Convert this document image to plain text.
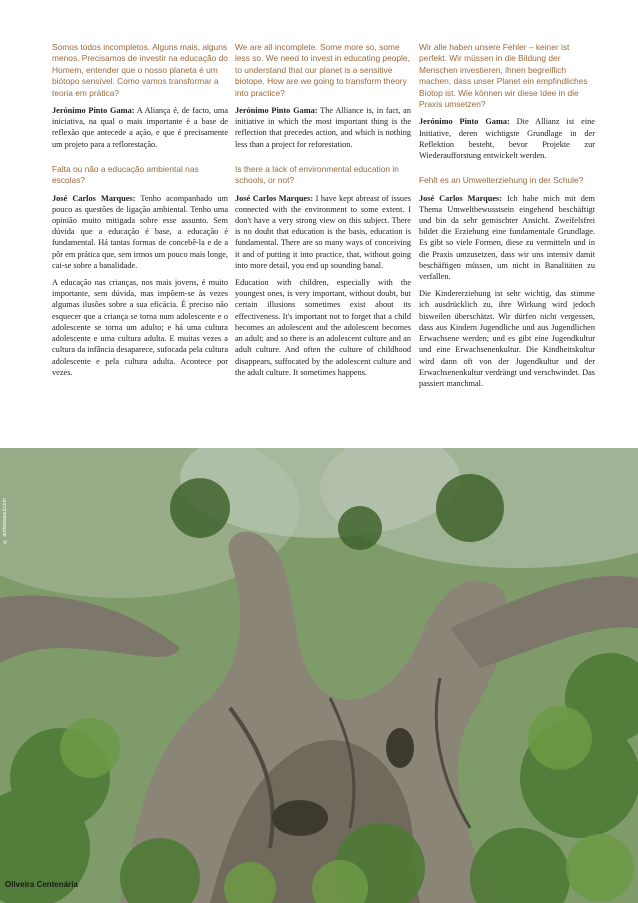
Somos todos incompletos. Alguns mais, alguns menos. Precisamos de investir na educação do Homem, entender que o nosso planeta é um biótopo sensível. Como vamos transformar a teoria em prática?

Jerónimo Pinto Gama: A Aliança é, de facto, uma iniciativa, na qual o mais importante é a base de reflexão que antecede a ação, e que é precisamente um projeto para a reflorestação.

Falta ou não a educação ambiental nas escolas?

José Carlos Marques: Tenho acompanhado um pouco as questões de ligação ambiental. Tenho uma opinião muito mitigada sobre esse assunto. Sem dúvida que a educação é base, a educação é fundamental. Há tantas formas de concebê-la e de a pôr em prática que, sem irmos um pouco mais longe, cai-se sobre a banalidade.

A educação nas crianças, nos mais jovens, é muito importante, sem dúvida, mas impõem-se às vezes algumas ilusões sobre a sua eficácia. É preciso não esquecer que a criança se torna num adolescente e o adolescente se torna um adulto; e há uma cultura adolescente e uma cultura adulta. E muitas vezes a cultura da infância desaparece, sufocada pela cultura adolescente e pela cultura adulta. Acontece por vezes.

We are all incomplete. Some more so, some less so. We need to invest in educating people, to understand that our planet is a sensitive biotope. How are we going to transform theory into practice?

Jerónimo Pinto Gama: The Alliance is, in fact, an initiative in which the most important thing is the reflection that precedes action, and which is nothing less than a project for reforestation.

Is there a lack of environmental education in schools, or not?

José Carlos Marques: I have kept abreast of issues connected with the environment to some extent. I don't have a very strong view on this subject. There is no doubt that education is the basis, education is fundamental. There are so many ways of conceiving it and of putting it into practice, that, without going into more detail, you end up sounding banal.

Education with children, especially with the youngest ones, is very important, without doubt, but certain illusions sometimes exist about its effectiveness. It's important not to forget that a child becomes an adolescent and the adolescent becomes an adult; and so there is an adolescent culture and an adult culture. And often the culture of childhood disappears, suffocated by the adolescent culture and the adult culture. It sometimes happens.

Wir alle haben unsere Fehler – keiner ist perfekt. Wir müssen in die Bildung der Menschen investieren, ihnen begreiflich machen, dass unser Planet ein empfindliches Biotop ist. Wie können wir diese Idee in die Praxis umsetzen?

Jerónimo Pinto Gama: Die Allianz ist eine Initiative, deren wichtigste Grundlage in der Reflektion besteht, bevor Projekte zur Wiederaufforstung entwickelt werden.

Fehlt es an Umwelterziehung in der Schule?

José Carlos Marques: Ich habe mich mit dem Thema Umweltbewusstsein eingehend beschäftigt und bin da sehr gemischter Ansicht. Zweifelsfrei bildet die Erziehung eine fundamentale Grundlage. Es gibt so viele Formen, diese zu vermitteln und in die Praxis umzusetzen, dass wir uns intensiv damit beschäftigen müssen, um nicht in Banalitäten zu verfallen.

Die Kindererziehung ist sehr wichtig, das stimme ich ausdrücklich zu, ihre Wirkung wird jedoch bisweilen überschätzt. Wir dürfen nicht vergessen, dass aus Kindern Jugendliche und aus Jugendlichen Erwachsene werden; und es gibt eine Jugendkultur und eine Erwachsenenkultur. Die Kindheitskultur wird dann oft von der Jugendkultur und der Erwachsenenkultur verdrängt und verschwindet. Das passiert manchmal.

Oliveira Centenária
© andreaspaul.com
